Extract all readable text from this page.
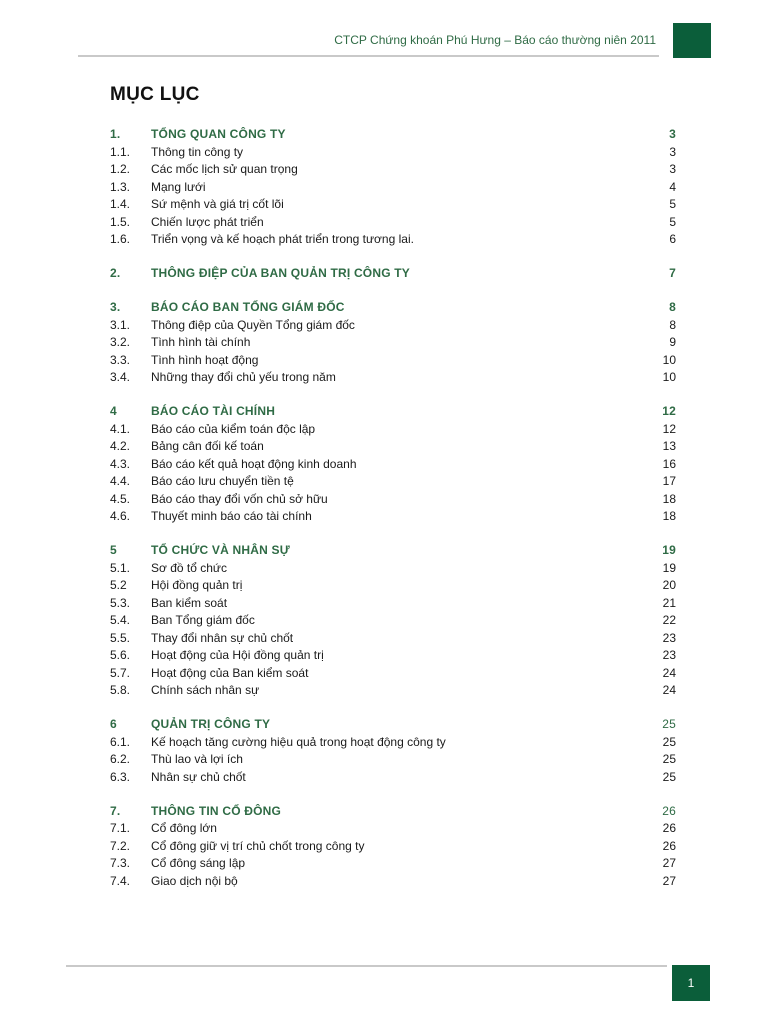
CTCP Chứng khoán Phú Hưng – Báo cáo thường niên 2011
MỤC LỤC
1.	TỔNG QUAN CÔNG TY	3
1.1. Thông tin công ty	3
1.2. Các mốc lịch sử quan trọng	3
1.3. Mạng lưới	4
1.4. Sứ mệnh và giá trị cốt lõi	5
1.5. Chiến lược phát triển	5
1.6. Triển vọng và kế hoạch phát triển trong tương lai.	6
2.	THÔNG ĐIỆP CỦA BAN QUẢN TRỊ CÔNG TY	7
3.	BÁO CÁO BAN TỔNG GIÁM ĐỐC	8
3.1. Thông điệp của Quyền Tổng giám đốc	8
3.2. Tình hình tài chính	9
3.3. Tình hình hoạt động	10
3.4. Những thay đổi chủ yếu trong năm	10
4	BÁO CÁO TÀI CHÍNH	12
4.1. Báo cáo của kiểm toán độc lập	12
4.2. Bảng cân đối kế toán	13
4.3. Báo cáo kết quả hoạt động kinh doanh	16
4.4. Báo cáo lưu chuyển tiền tệ	17
4.5. Báo cáo thay đổi vốn chủ sở hữu	18
4.6. Thuyết minh báo cáo tài chính	18
5	TỔ CHỨC VÀ NHÂN SỰ	19
5.1. Sơ đồ tổ chức	19
5.2 Hội đồng quản trị	20
5.3. Ban kiểm soát	21
5.4. Ban Tổng giám đốc	22
5.5. Thay đổi nhân sự chủ chốt	23
5.6. Hoạt động của Hội đồng quản trị	23
5.7. Hoạt động của Ban kiểm soát	24
5.8. Chính sách nhân sự	24
6	QUẢN TRỊ CÔNG TY	25
6.1. Kế hoạch tăng cường hiệu quả trong hoạt động công ty	25
6.2. Thù lao và lợi ích	25
6.3. Nhân sự chủ chốt	25
7.	THÔNG TIN CỔ ĐÔNG	26
7.1. Cổ đông lớn	26
7.2. Cổ đông giữ vị trí chủ chốt trong công ty	26
7.3. Cổ đông sáng lập	27
7.4. Giao dịch nội bộ	27
1
